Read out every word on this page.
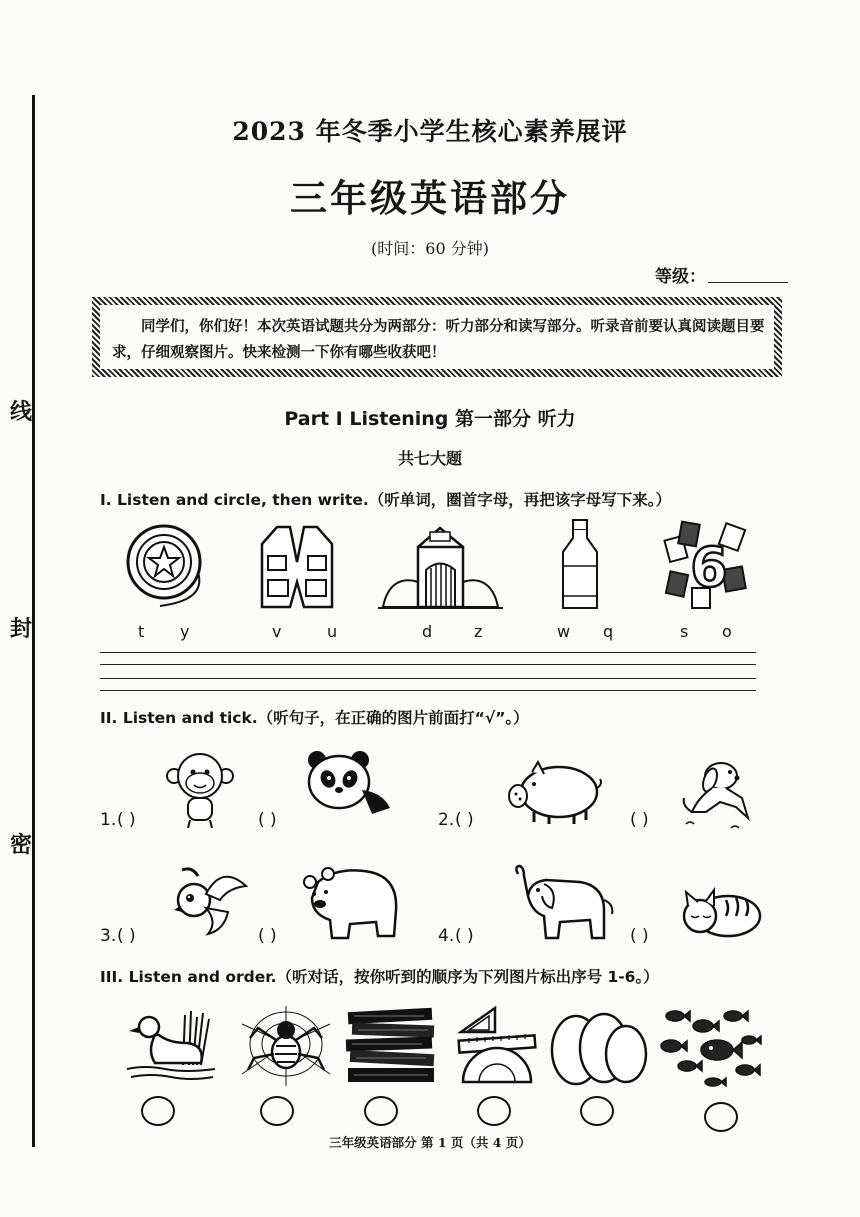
线
封
密
2023 年冬季小学生核心素养展评
三年级英语部分
(时间：60 分钟)
等级：
同学们，你们好！本次英语试题共分为两部分：听力部分和读写部分。听录音前要认真阅读题目要求，仔细观察图片。快来检测一下你有哪些收获吧！
Part I Listening 第一部分 听力
共七大题
I. Listen and circle, then write.（听单词，圈首字母，再把该字母写下来。）
6
t y	v	u	d	z	w q	s o
II. Listen and tick.（听句子，在正确的图片前面打“√”。）
1. ( )	( )	2. ( )	( )
3. ( )	( )	4. ( )	( )
III. Listen and order.（听对话，按你听到的顺序为下列图片标出序号 1-6。）
三年级英语部分 第 1 页（共 4 页）
